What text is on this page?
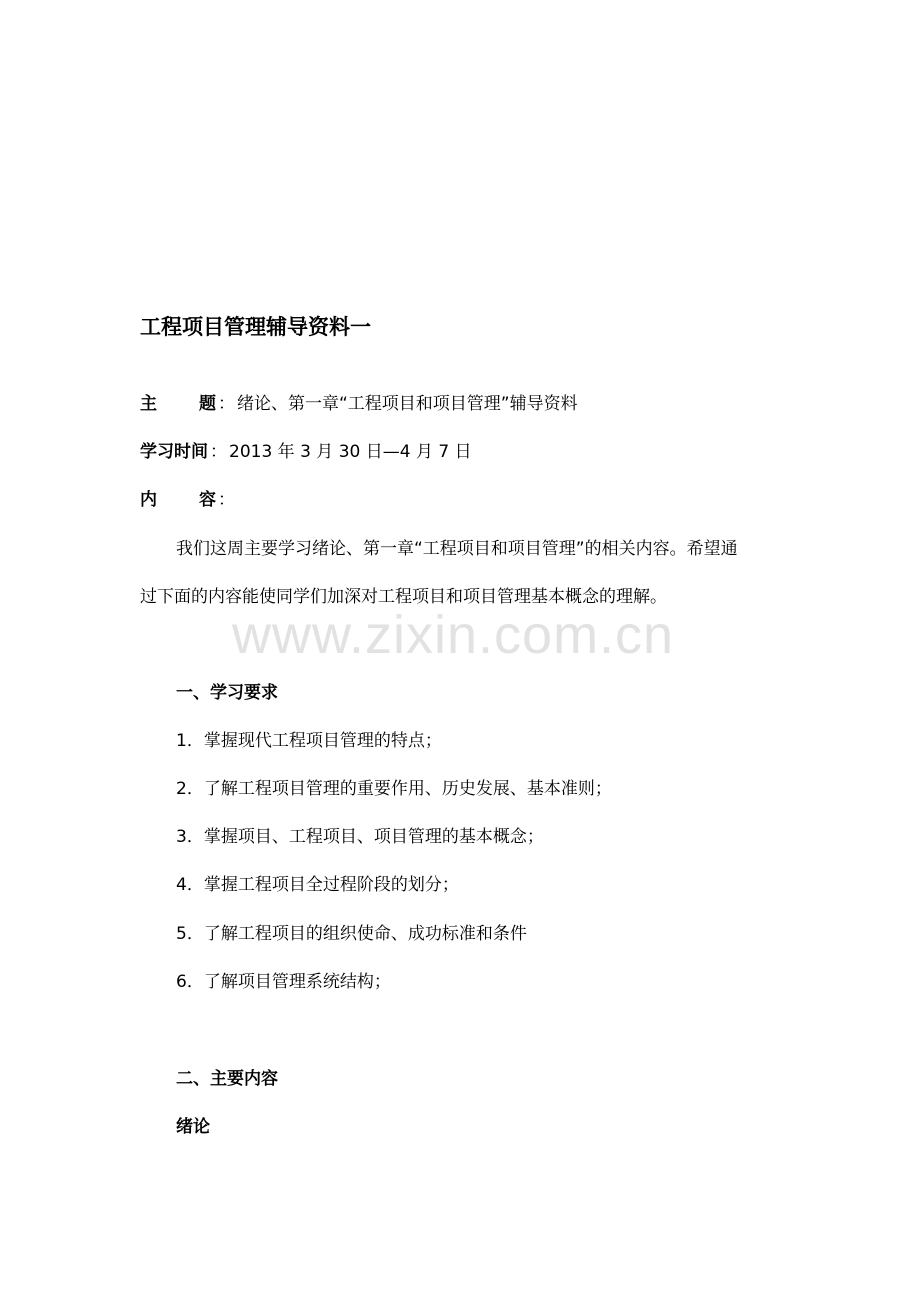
工程项目管理辅导资料一
主 题 ： 绪论、第一章“工程项目和项目管理”辅导资料
学习时间 ： 2013 年 3 月 30 日—4 月 7 日
内 容 ：
我们这周主要学习绪论、第一章“工程项目和项目管理”的相关内容。希望通
过下面的内容能使同学们加深对工程项目和项目管理基本概念的理解。
www.zixin.com.cn
一、学习要求
1．掌握现代工程项目管理的特点；
2．了解工程项目管理的重要作用、历史发展、基本准则；
3．掌握项目、工程项目、项目管理的基本概念；
4．掌握工程项目全过程阶段的划分；
5．了解工程项目的组织使命、成功标准和条件
6．了解项目管理系统结构；
二、主要内容
绪论
